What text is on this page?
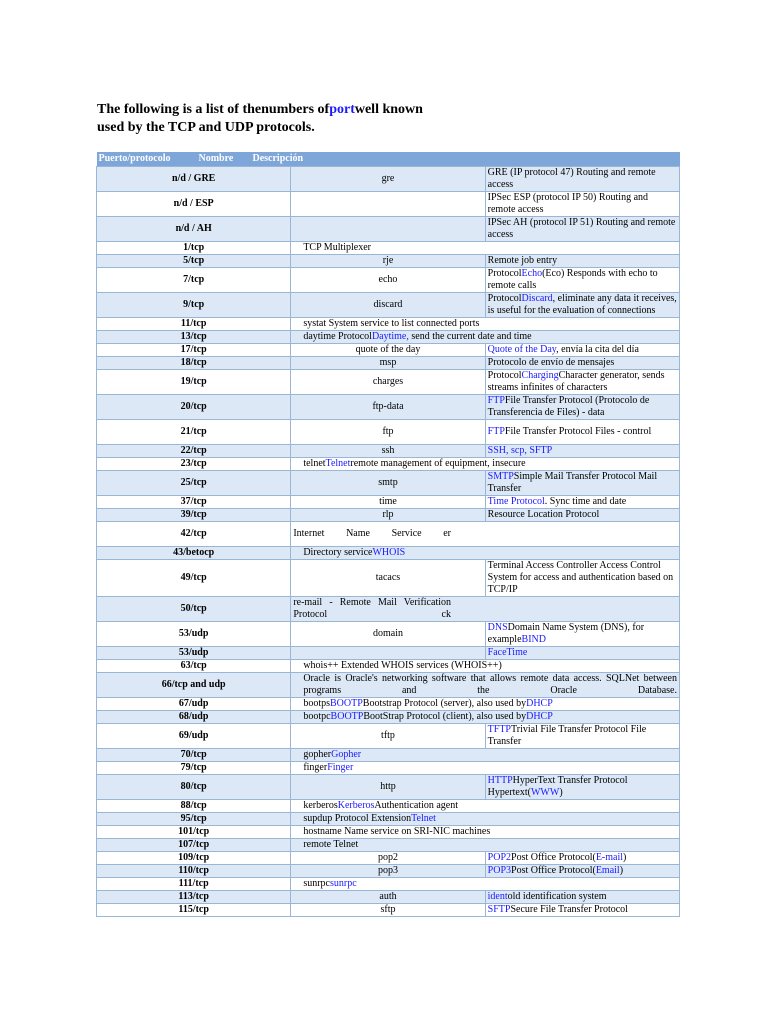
The following is a list of thenumbers ofportwell known
used by the TCP and UDP protocols.

Puerto/protocolo Nombre Descripción		
n/d / GRE	gre	GRE (IP protocol 47) Routing and remote access
n/d / ESP		IPSec ESP (protocol IP 50) Routing and remote access
n/d / AH		IPSec AH (protocol IP 51) Routing and remote access
1/tcp	TCP Multiplexer	
5/tcp	rje	Remote job entry
7/tcp	echo	ProtocolEcho(Eco) Responds with echo to remote calls
9/tcp	discard	ProtocolDiscard, eliminate any data it receives, is useful for the evaluation of connections
11/tcp	systat System service to list connected ports	
13/tcp	daytime ProtocolDaytime, send the current date and time	
17/tcp	quote of the day	Quote of the Day, envía la cita del día
18/tcp	msp	Protocolo de envío de mensajes
19/tcp	charges	ProtocolChargingCharacter generator, sends streams infinites of characters
20/tcp	ftp-data	FTPFile Transfer Protocol (Protocolo de Transferencia de Files) - data
21/tcp	ftp	FTPFile Transfer Protocol Files - control
22/tcp	ssh	SSH, scp, SFTP
23/tcp	telnetTelnetremote management of equipment, insecure	
25/tcp	smtp	SMTPSimple Mail Transfer Protocol Mail Transfer
37/tcp	time	Time Protocol. Sync time and date
39/tcp	rlp	Resource Location Protocol
42/tcp	Internet Name Service er	
43/betocp	Directory serviceWHOIS	
49/tcp	tacacs	Terminal Access Controller Access Control System for access and authentication based on TCP/IP
50/tcp	re-mail - Remote Mail Verification Protocol ck	
53/udp	domain	DNSDomain Name System (DNS), for exampleBIND
53/udp		FaceTime
63/tcp	whois++ Extended WHOIS services (WHOIS++)	
66/tcp and udp	Oracle is Oracle's networking software that allows remote data access. SQLNet between programs and the Oracle Database.	
67/udp	bootpsBOOTPBootstrap Protocol (server), also used byDHCP	
68/udp	bootpcBOOTPBootStrap Protocol (client), also used byDHCP	
69/udp	tftp	TFTPTrivial File Transfer Protocol File Transfer
70/tcp	gopherGopher	
79/tcp	fingerFinger	
80/tcp	http	HTTPHyperText Transfer Protocol Hypertext(WWW)
88/tcp	kerberosKerberosAuthentication agent	
95/tcp	supdup Protocol ExtensionTelnet	
101/tcp	hostname Name service on SRI-NIC machines	
107/tcp	remote Telnet	
109/tcp	pop2	POP2Post Office Protocol(E-mail)
110/tcp	pop3	POP3Post Office Protocol(Email)
111/tcp	sunrpcsunrpc	
113/tcp	auth	identold identification system
115/tcp	sftp	SFTPSecure File Transfer Protocol
